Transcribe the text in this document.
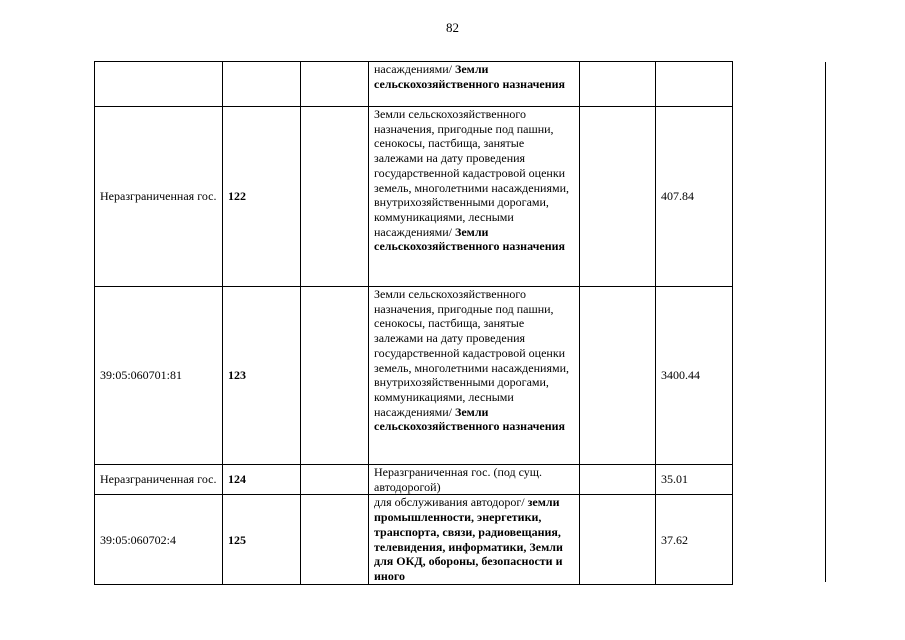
82
			насаждениями/ Земли сельскохозяйственного назначения		
Неразграниченная гос.	122		Земли сельскохозяйственного назначения, пригодные под пашни, сенокосы, пастбища, занятые залежами на дату проведения государственной кадастровой оценки земель, многолетними насаждениями, внутрихозяйственными дорогами, коммуникациями, лесными насаждениями/ Земли сельскохозяйственного назначения		407.84
39:05:060701:81	123		Земли сельскохозяйственного назначения, пригодные под пашни, сенокосы, пастбища, занятые залежами на дату проведения государственной кадастровой оценки земель, многолетними насаждениями, внутрихозяйственными дорогами, коммуникациями, лесными насаждениями/ Земли сельскохозяйственного назначения		3400.44
Неразграниченная гос.	124		Неразграниченная гос. (под сущ. автодорогой)		35.01
39:05:060702:4	125		для обслуживания автодорог/ земли промышленности, энергетики, транспорта, связи, радиовещания, телевидения, информатики, Земли для ОКД, обороны, безопасности и иного		37.62
